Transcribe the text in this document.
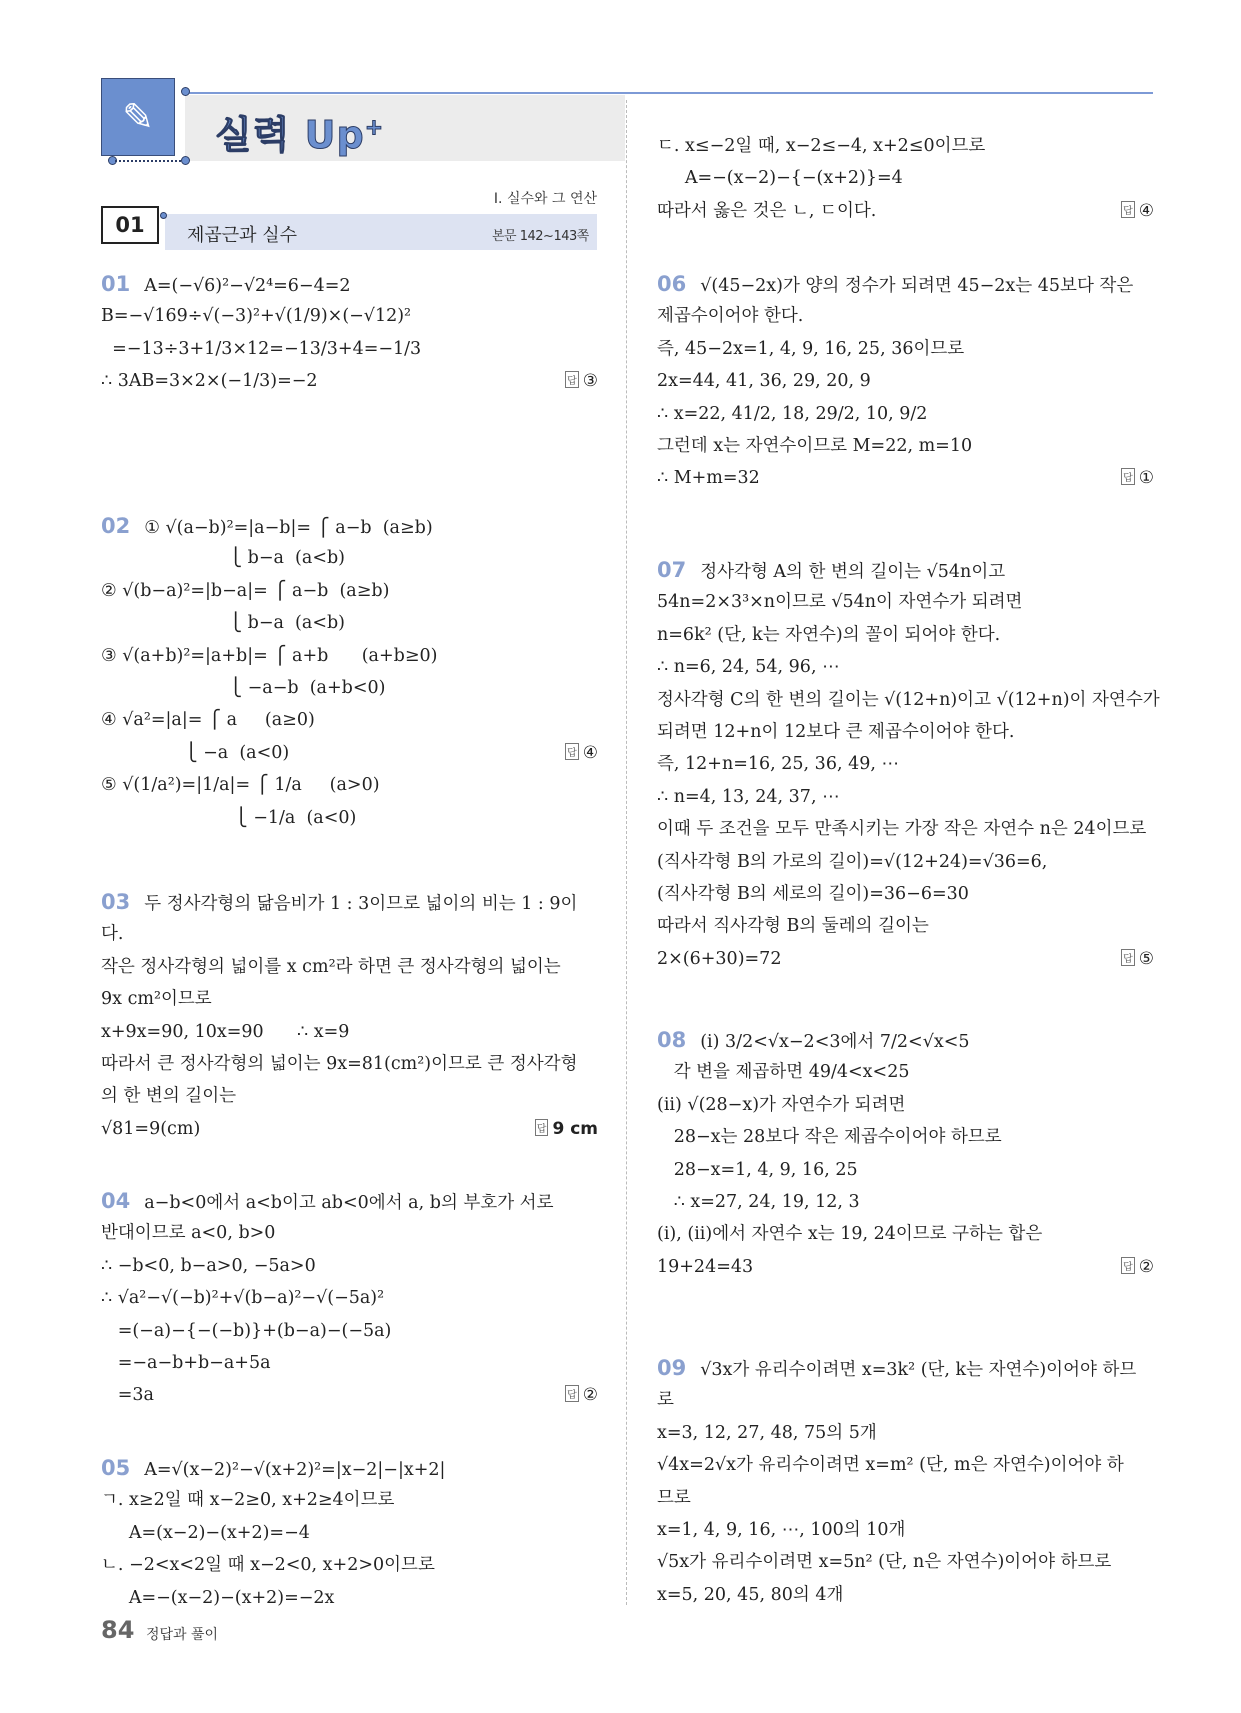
✎	실력 Up+
Ⅰ. 실수와 그 연산
01	제곱근과 실수	본문 142~143쪽
01 A=(−√6)²−√2⁴=6−4=2
B=−√169÷√(−3)²+√(1/9)×(−√12)²
=−13÷3+1/3×12=−13/3+4=−1/3
∴ 3AB=3×2×(−1/3)=−2	답 ③
02 ① √(a−b)²=|a−b|= ⎧ a−b  (a≥b)
⎩ b−a  (a<b)
② √(b−a)²=|b−a|= ⎧ a−b  (a≥b)
⎩ b−a  (a<b)
③ √(a+b)²=|a+b|= ⎧ a+b      (a+b≥0)
⎩ −a−b  (a+b<0)
④ √a²=|a|= ⎧ a     (a≥0)
⎩ −a  (a<0)
⑤ √(1/a²)=|1/a|= ⎧ 1/a     (a>0)
⎩ −1/a  (a<0)
답 ④
03 두 정사각형의 닮음비가 1 : 3이므로 넓이의 비는 1 : 9이
다.
작은 정사각형의 넓이를 x cm²라 하면 큰 정사각형의 넓이는
9x cm²이므로
x+9x=90, 10x=90      ∴ x=9
따라서 큰 정사각형의 넓이는 9x=81(cm²)이므로 큰 정사각형
의 한 변의 길이는
√81=9(cm)	답 9 cm
04 a−b<0에서 a<b이고 ab<0에서 a, b의 부호가 서로
반대이므로 a<0, b>0
∴ −b<0, b−a>0, −5a>0
∴ √a²−√(−b)²+√(b−a)²−√(−5a)²
=(−a)−{−(−b)}+(b−a)−(−5a)
=−a−b+b−a+5a
=3a	답 ②
05 A=√(x−2)²−√(x+2)²=|x−2|−|x+2|
ㄱ. x≥2일 때 x−2≥0, x+2≥4이므로
A=(x−2)−(x+2)=−4
ㄴ. −2<x<2일 때 x−2<0, x+2>0이므로
A=−(x−2)−(x+2)=−2x
ㄷ. x≤−2일 때, x−2≤−4, x+2≤0이므로
A=−(x−2)−{−(x+2)}=4
따라서 옳은 것은 ㄴ, ㄷ이다.	답 ④
06 √(45−2x)가 양의 정수가 되려면 45−2x는 45보다 작은
제곱수이어야 한다.
즉, 45−2x=1, 4, 9, 16, 25, 36이므로
2x=44, 41, 36, 29, 20, 9
∴ x=22, 41/2, 18, 29/2, 10, 9/2
그런데 x는 자연수이므로 M=22, m=10
∴ M+m=32	답 ①
07 정사각형 A의 한 변의 길이는 √54n이고
54n=2×3³×n이므로 √54n이 자연수가 되려면
n=6k² (단, k는 자연수)의 꼴이 되어야 한다.
∴ n=6, 24, 54, 96, ⋯
정사각형 C의 한 변의 길이는 √(12+n)이고 √(12+n)이 자연수가
되려면 12+n이 12보다 큰 제곱수이어야 한다.
즉, 12+n=16, 25, 36, 49, ⋯
∴ n=4, 13, 24, 37, ⋯
이때 두 조건을 모두 만족시키는 가장 작은 자연수 n은 24이므로
(직사각형 B의 가로의 길이)=√(12+24)=√36=6,
(직사각형 B의 세로의 길이)=36−6=30
따라서 직사각형 B의 둘레의 길이는
2×(6+30)=72	답 ⑤
08 (i) 3/2<√x−2<3에서 7/2<√x<5
각 변을 제곱하면 49/4<x<25
(ii) √(28−x)가 자연수가 되려면
28−x는 28보다 작은 제곱수이어야 하므로
28−x=1, 4, 9, 16, 25
∴ x=27, 24, 19, 12, 3
(i), (ii)에서 자연수 x는 19, 24이므로 구하는 합은
19+24=43	답 ②
09 √3x가 유리수이려면 x=3k² (단, k는 자연수)이어야 하므
로
x=3, 12, 27, 48, 75의 5개
√4x=2√x가 유리수이려면 x=m² (단, m은 자연수)이어야 하
므로
x=1, 4, 9, 16, ⋯, 100의 10개
√5x가 유리수이려면 x=5n² (단, n은 자연수)이어야 하므로
x=5, 20, 45, 80의 4개
84 정답과 풀이
